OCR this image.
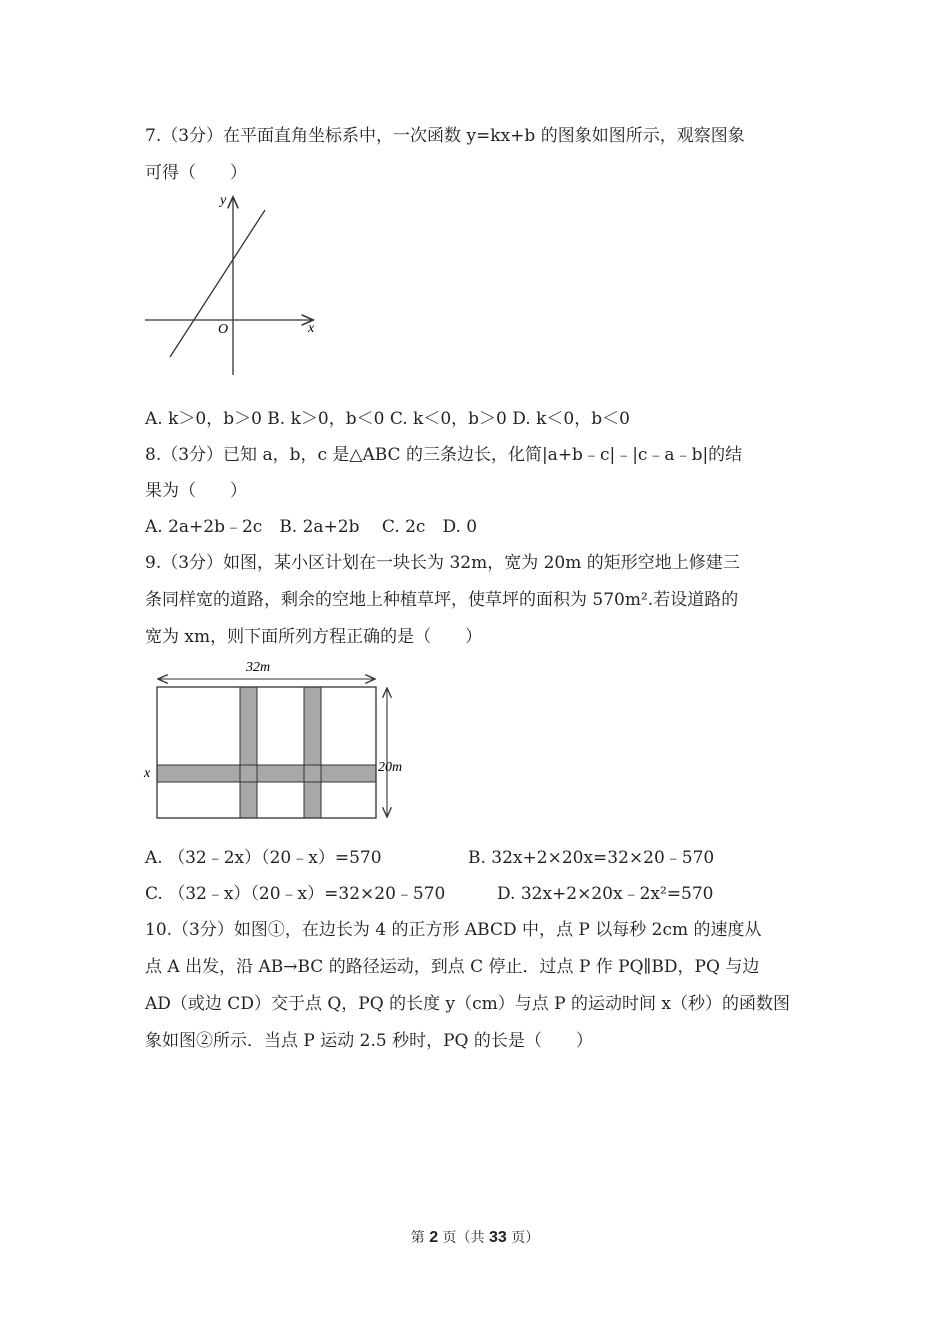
7.（3分）在平面直角坐标系中，一次函数 y=kx+b 的图象如图所示，观察图象
可得（　　）
y
x
O
A. k＞0，b＞0 B. k＞0，b＜0 C. k＜0，b＞0 D. k＜0，b＜0
8.（3分）已知 a，b，c 是△ABC 的三条边长，化简|a+b﹣c|﹣|c﹣a﹣b|的结
果为（　　）
A. 2a+2b﹣2c　B. 2a+2b　 C. 2c　D. 0
9.（3分）如图，某小区计划在一块长为 32m，宽为 20m 的矩形空地上修建三
条同样宽的道路，剩余的空地上种植草坪，使草坪的面积为 570m².若设道路的
宽为 xm，则下面所列方程正确的是（　　）
32m
20m
x
A. （32﹣2x）（20﹣x）=570	B. 32x+2×20x=32×20﹣570
C. （32﹣x）（20﹣x）=32×20﹣570	D. 32x+2×20x﹣2x²=570
10.（3分）如图①，在边长为 4 的正方形 ABCD 中，点 P 以每秒 2cm 的速度从
点 A 出发，沿 AB→BC 的路径运动，到点 C 停止．过点 P 作 PQ∥BD，PQ 与边
AD（或边 CD）交于点 Q，PQ 的长度 y（cm）与点 P 的运动时间 x（秒）的函数图
象如图②所示．当点 P 运动 2.5 秒时，PQ 的长是（　　）
第 2 页（共 33 页）
